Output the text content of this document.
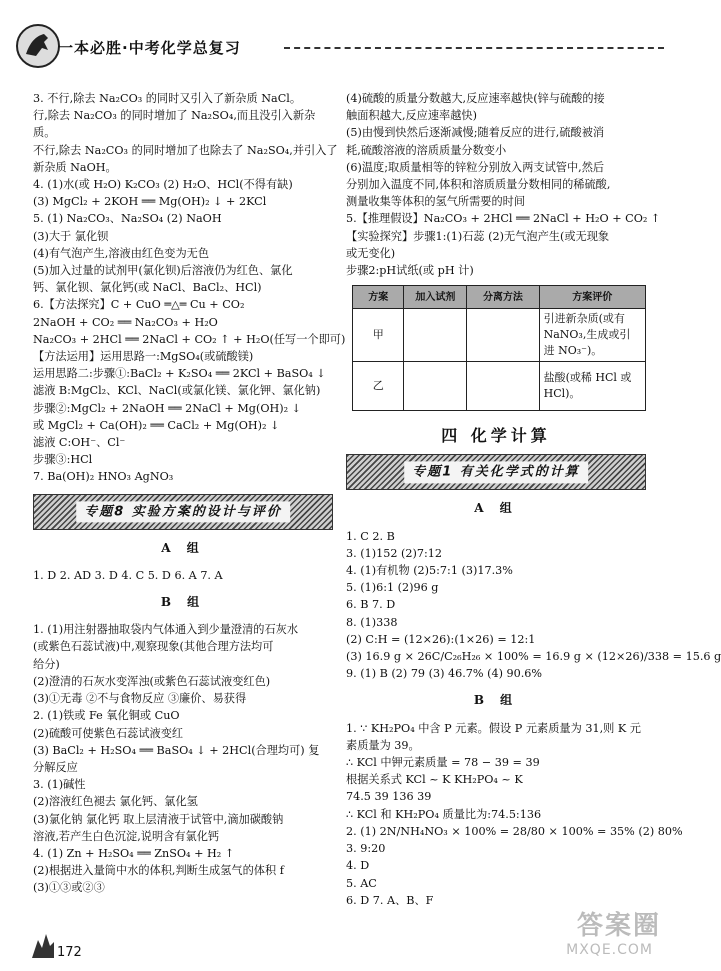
一本必胜·中考化学总复习

3. 不行,除去 Na₂CO₃ 的同时又引入了新杂质 NaCl。

行,除去 Na₂CO₃ 的同时增加了 Na₂SO₄,而且没引入新杂

质。

不行,除去 Na₂CO₃ 的同时增加了也除去了 Na₂SO₄,并引入了

新杂质 NaOH。

4. (1)水(或 H₂O) K₂CO₃ (2) H₂O、HCl(不得有缺)

(3) MgCl₂ + 2KOH ══ Mg(OH)₂ ↓ + 2KCl

5. (1) Na₂CO₃、Na₂SO₄ (2) NaOH

(3)大于 氯化钡

(4)有气泡产生,溶液由红色变为无色

(5)加入过量的试剂甲(氯化钡)后溶液仍为红色、氯化

钙、氯化钡、氯化钙(或 NaCl、BaCl₂、HCl)

6.【方法探究】C + CuO ═△═ Cu + CO₂

2NaOH + CO₂ ══ Na₂CO₃ + H₂O

Na₂CO₃ + 2HCl ══ 2NaCl + CO₂ ↑ + H₂O(任写一个即可)

【方法运用】运用思路一:MgSO₄(或硫酸镁)

运用思路二:步骤①:BaCl₂ + K₂SO₄ ══ 2KCl + BaSO₄ ↓

滤液 B:MgCl₂、KCl、NaCl(或氯化镁、氯化钾、氯化钠)

步骤②:MgCl₂ + 2NaOH ══ 2NaCl + Mg(OH)₂ ↓

或 MgCl₂ + Ca(OH)₂ ══ CaCl₂ + Mg(OH)₂ ↓

滤液 C:OH⁻、Cl⁻

步骤③:HCl

7. Ba(OH)₂ HNO₃ AgNO₃

专题8 实验方案的设计与评价

A 组

1. D 2. AD 3. D 4. C 5. D 6. A 7. A

B 组

1. (1)用注射器抽取袋内气体通入到少量澄清的石灰水

(或紫色石蕊试液)中,观察现象(其他合理方法均可

给分)

(2)澄清的石灰水变浑浊(或紫色石蕊试液变红色)

(3)①无毒 ②不与食物反应 ③廉价、易获得

2. (1)铁或 Fe 氧化铜或 CuO

(2)硫酸可使紫色石蕊试液变红

(3) BaCl₂ + H₂SO₄ ══ BaSO₄ ↓ + 2HCl(合理均可) 复

分解反应

3. (1)碱性

(2)溶液红色褪去 氯化钙、氯化氢

(3)氯化钠 氯化钙 取上层清液于试管中,滴加碳酸钠

溶液,若产生白色沉淀,说明含有氯化钙

4. (1) Zn + H₂SO₄ ══ ZnSO₄ + H₂ ↑

(2)根据进入量筒中水的体积,判断生成氢气的体积 f

(3)①③或②③

(4)硫酸的质量分数越大,反应速率越快(锌与硫酸的接

触面积越大,反应速率越快)

(5)由慢到快然后逐渐减慢;随着反应的进行,硫酸被消

耗,硫酸溶液的溶质质量分数变小

(6)温度;取质量相等的锌粒分别放入两支试管中,然后

分别加入温度不同,体积和溶质质量分数相同的稀硫酸,

测量收集等体积的氢气所需要的时间

5.【推理假设】Na₂CO₃ + 2HCl ══ 2NaCl + H₂O + CO₂ ↑

【实验探究】步骤1:(1)石蕊 (2)无气泡产生(或无现象

或无变化)

步骤2:pH试纸(或 pH 计)

方案	加入试剂	分离方法	方案评价
甲			引进新杂质(或有 NaNO₃,生成或引进 NO₃⁻)。
乙			盐酸(或稀 HCl 或 HCl)。

四 化学计算

专题1 有关化学式的计算

A 组

1. C 2. B

3. (1)152 (2)7:12

4. (1)有机物 (2)5:7:1 (3)17.3%

5. (1)6:1 (2)96 g

6. B 7. D

8. (1)338

(2) C:H = (12×26):(1×26) = 12:1

(3) 16.9 g × 26C/C₂₆H₂₆ × 100% = 16.9 g × (12×26)/338 = 15.6 g

9. (1) B (2) 79 (3) 46.7% (4) 90.6%

B 组

1. ∵ KH₂PO₄ 中含 P 元素。假设 P 元素质量为 31,则 K 元

素质量为 39。

∴ KCl 中钾元素质量 = 78 − 39 = 39

根据关系式 KCl ~ K KH₂PO₄ ~ K

74.5 39 136 39

∴ KCl 和 KH₂PO₄ 质量比为:74.5:136

2. (1) 2N/NH₄NO₃ × 100% = 28/80 × 100% = 35% (2) 80%

3. 9:20

4. D

5. AC

6. D 7. A、B、F

172
答案圈
MXQE.COM
